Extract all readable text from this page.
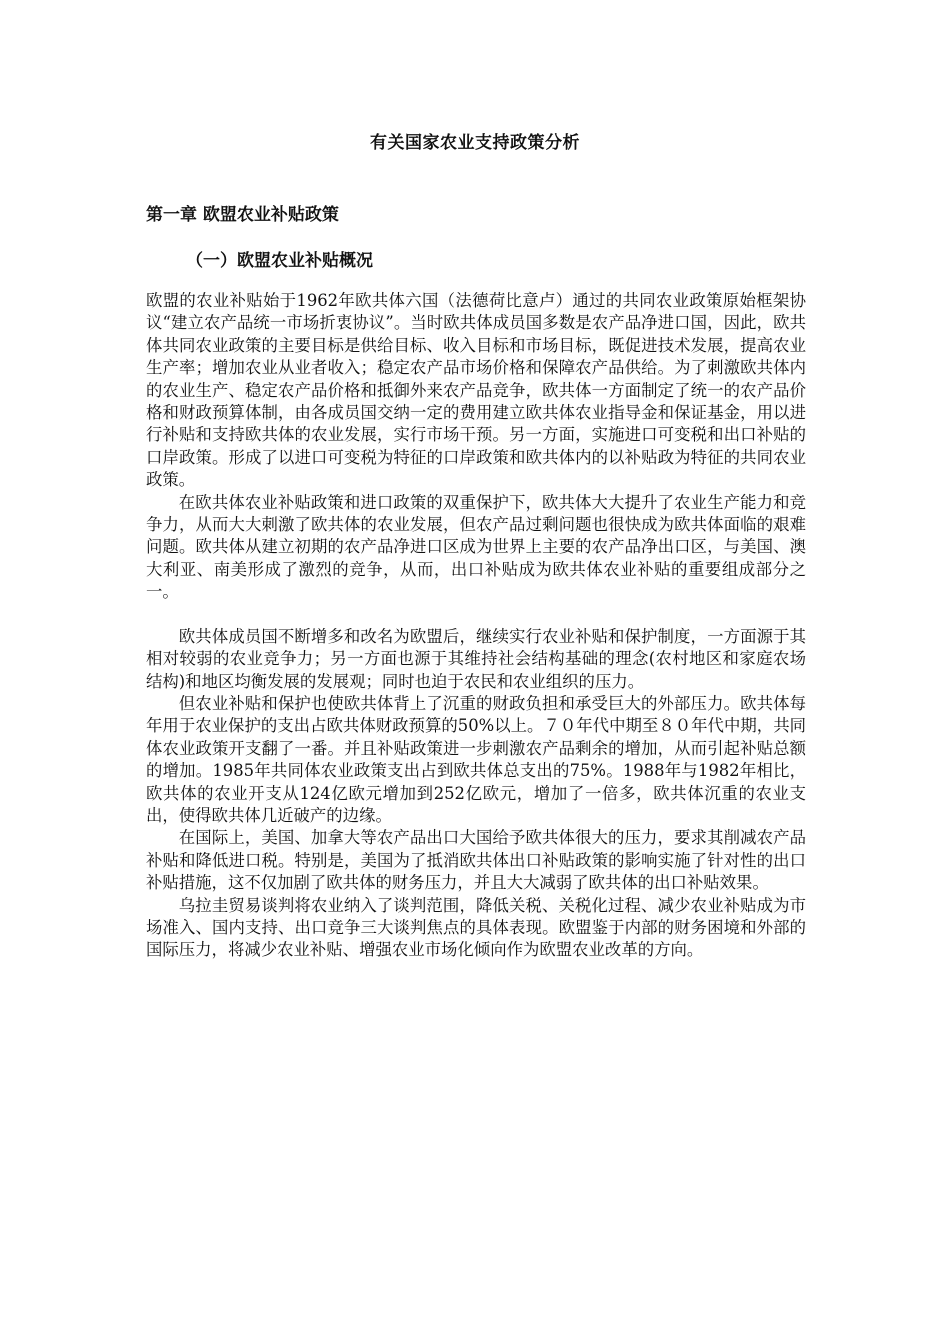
有关国家农业支持政策分析
第一章 欧盟农业补贴政策
（一）欧盟农业补贴概况

欧盟的农业补贴始于1962年欧共体六国（法德荷比意卢）通过的共同农业政策原始框架协议“建立农产品统一市场折衷协议”。当时欧共体成员国多数是农产品净进口国，因此，欧共体共同农业政策的主要目标是供给目标、收入目标和市场目标，既促进技术发展，提高农业生产率；增加农业从业者收入；稳定农产品市场价格和保障农产品供给。为了刺激欧共体内的农业生产、稳定农产品价格和抵御外来农产品竞争，欧共体一方面制定了统一的农产品价格和财政预算体制，由各成员国交纳一定的费用建立欧共体农业指导金和保证基金，用以进行补贴和支持欧共体的农业发展，实行市场干预。另一方面，实施进口可变税和出口补贴的口岸政策。形成了以进口可变税为特征的口岸政策和欧共体内的以补贴政为特征的共同农业政策。

在欧共体农业补贴政策和进口政策的双重保护下，欧共体大大提升了农业生产能力和竞争力，从而大大刺激了欧共体的农业发展，但农产品过剩问题也很快成为欧共体面临的艰难问题。欧共体从建立初期的农产品净进口区成为世界上主要的农产品净出口区，与美国、澳大利亚、南美形成了激烈的竞争，从而，出口补贴成为欧共体农业补贴的重要组成部分之一。

欧共体成员国不断增多和改名为欧盟后，继续实行农业补贴和保护制度，一方面源于其相对较弱的农业竞争力；另一方面也源于其维持社会结构基础的理念(农村地区和家庭农场结构)和地区均衡发展的发展观；同时也迫于农民和农业组织的压力。

但农业补贴和保护也使欧共体背上了沉重的财政负担和承受巨大的外部压力。欧共体每年用于农业保护的支出占欧共体财政预算的50%以上。７０年代中期至８０年代中期，共同体农业政策开支翻了一番。并且补贴政策进一步刺激农产品剩余的增加，从而引起补贴总额的增加。1985年共同体农业政策支出占到欧共体总支出的75%。1988年与1982年相比，欧共体的农业开支从124亿欧元增加到252亿欧元，增加了一倍多，欧共体沉重的农业支出，使得欧共体几近破产的边缘。

在国际上，美国、加拿大等农产品出口大国给予欧共体很大的压力，要求其削减农产品补贴和降低进口税。特别是，美国为了抵消欧共体出口补贴政策的影响实施了针对性的出口补贴措施，这不仅加剧了欧共体的财务压力，并且大大减弱了欧共体的出口补贴效果。

乌拉圭贸易谈判将农业纳入了谈判范围，降低关税、关税化过程、减少农业补贴成为市场准入、国内支持、出口竞争三大谈判焦点的具体表现。欧盟鉴于内部的财务困境和外部的国际压力，将减少农业补贴、增强农业市场化倾向作为欧盟农业改革的方向。
